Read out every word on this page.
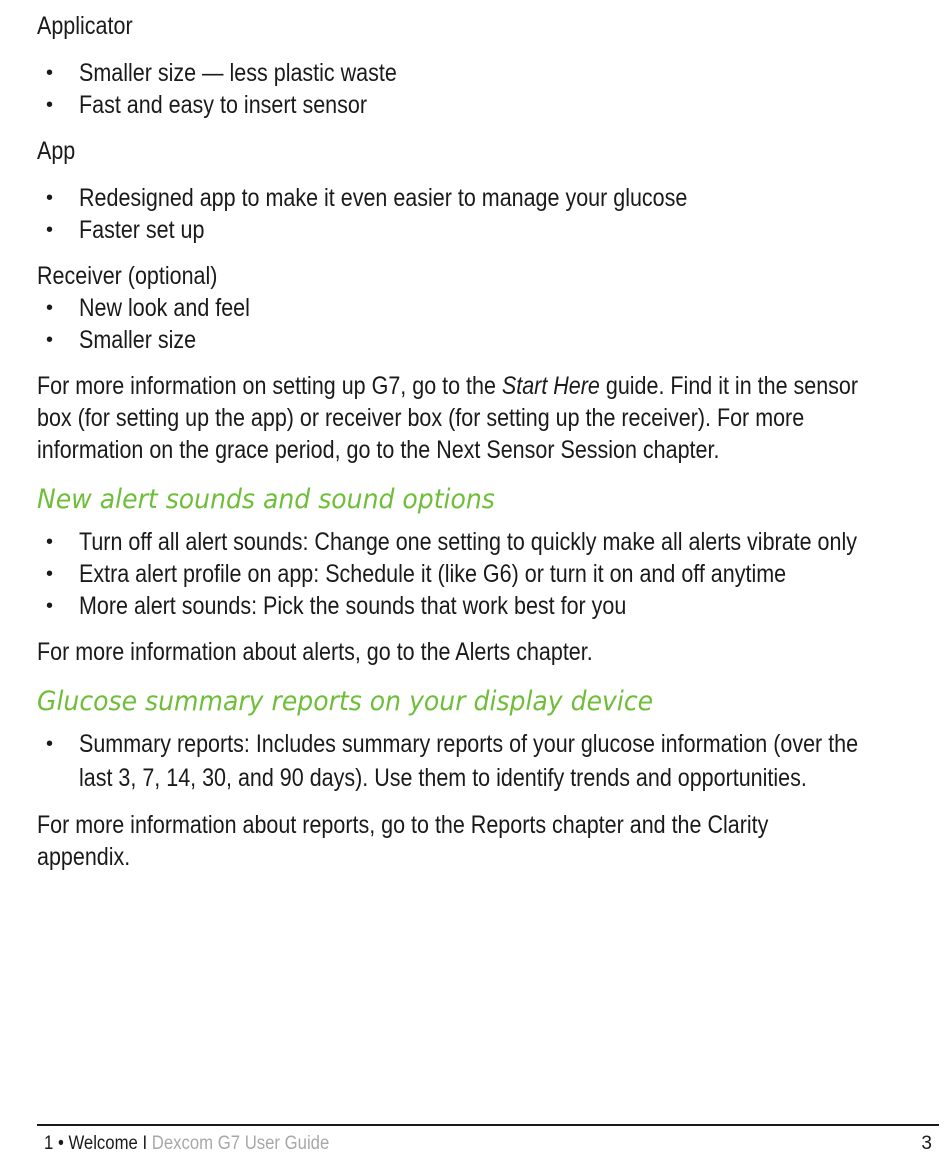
Applicator
• Smaller size — less plastic waste
• Fast and easy to insert sensor
App
• Redesigned app to make it even easier to manage your glucose
• Faster set up
Receiver (optional)
• New look and feel
• Smaller size
For more information on setting up G7, go to the Start Here guide. Find it in the sensor
box (for setting up the app) or receiver box (for setting up the receiver). For more
information on the grace period, go to the Next Sensor Session chapter.
New alert sounds and sound options
• Turn off all alert sounds: Change one setting to quickly make all alerts vibrate only
• Extra alert profile on app: Schedule it (like G6) or turn it on and off anytime
• More alert sounds: Pick the sounds that work best for you
For more information about alerts, go to the Alerts chapter.
Glucose summary reports on your display device
• Summary reports: Includes summary reports of your glucose information (over the
last 3, 7, 14, 30, and 90 days). Use them to identify trends and opportunities.
For more information about reports, go to the Reports chapter and the Clarity
appendix.
1 • Welcome I Dexcom G7 User Guide	3
